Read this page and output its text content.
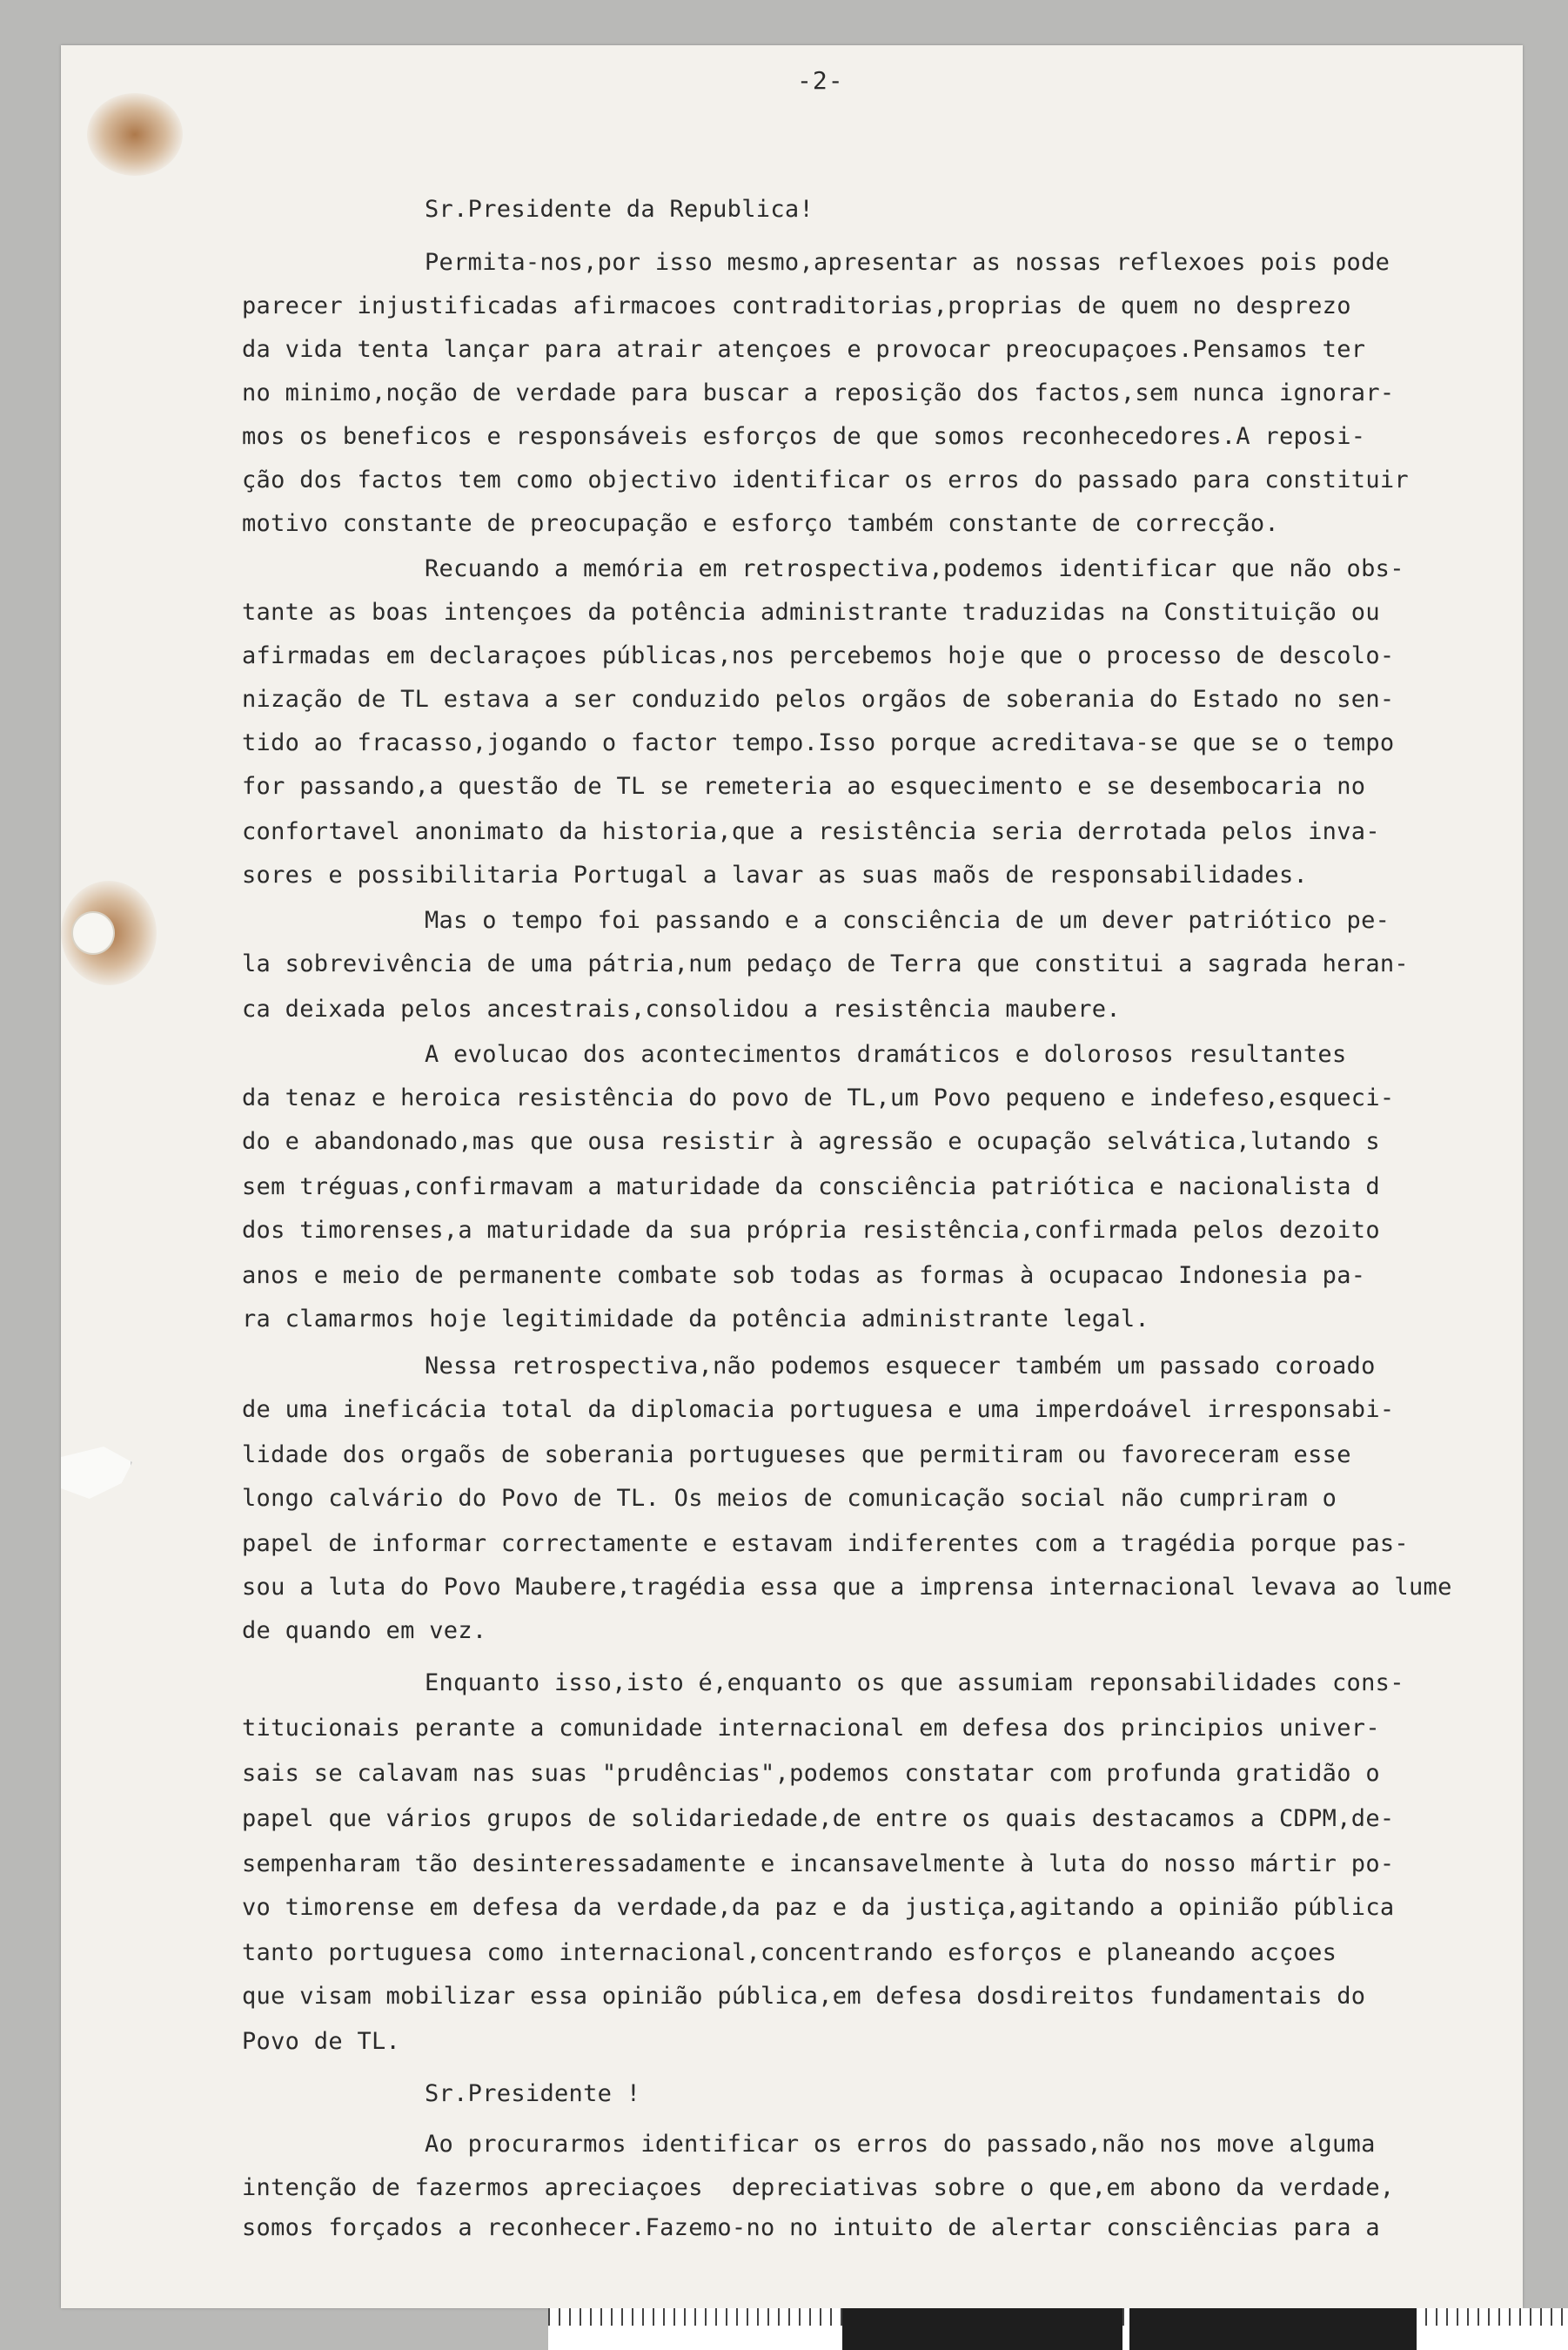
-2-
Sr.Presidente da Republica!
Permita-nos,por isso mesmo,apresentar as nossas reflexoes pois pode
parecer injustificadas afirmacoes contraditorias,proprias de quem no desprezo
da vida tenta lançar para atrair atençoes e provocar preocupaçoes.Pensamos ter
no minimo,noção de verdade para buscar a reposição dos factos,sem nunca ignorar-
mos os beneficos e responsáveis esforços de que somos reconhecedores.A reposi-
ção dos factos tem como objectivo identificar os erros do passado para constituir
motivo constante de preocupação e esforço também constante de correcção.
Recuando a memória em retrospectiva,podemos identificar que não obs-
tante as boas intençoes da potência administrante traduzidas na Constituição ou
afirmadas em declaraçoes públicas,nos percebemos hoje que o processo de descolo-
nização de TL estava a ser conduzido pelos orgãos de soberania do Estado no sen-
tido ao fracasso,jogando o factor tempo.Isso porque acreditava-se que se o tempo
for passando,a questão de TL se remeteria ao esquecimento e se desembocaria no
confortavel anonimato da historia,que a resistência seria derrotada pelos inva-
sores e possibilitaria Portugal a lavar as suas maõs de responsabilidades.
Mas o tempo foi passando e a consciência de um dever patriótico pe-
la sobrevivência de uma pátria,num pedaço de Terra que constitui a sagrada heran-
ca deixada pelos ancestrais,consolidou a resistência maubere.
A evolucao dos acontecimentos dramáticos e dolorosos resultantes
da tenaz e heroica resistência do povo de TL,um Povo pequeno e indefeso,esqueci-
do e abandonado,mas que ousa resistir à agressão e ocupação selvática,lutando s
sem tréguas,confirmavam a maturidade da consciência patriótica e nacionalista d
dos timorenses,a maturidade da sua própria resistência,confirmada pelos dezoito
anos e meio de permanente combate sob todas as formas à ocupacao Indonesia pa-
ra clamarmos hoje legitimidade da potência administrante legal.
Nessa retrospectiva,não podemos esquecer também um passado coroado
de uma ineficácia total da diplomacia portuguesa e uma imperdoável irresponsabi-
lidade dos orgaõs de soberania portugueses que permitiram ou favoreceram esse
longo calvário do Povo de TL. Os meios de comunicação social não cumpriram o
papel de informar correctamente e estavam indiferentes com a tragédia porque pas-
sou a luta do Povo Maubere,tragédia essa que a imprensa internacional levava ao lume
de quando em vez.
Enquanto isso,isto é,enquanto os que assumiam reponsabilidades cons-
titucionais perante a comunidade internacional em defesa dos principios univer-
sais se calavam nas suas "prudências",podemos constatar com profunda gratidão o
papel que vários grupos de solidariedade,de entre os quais destacamos a CDPM,de-
sempenharam tão desinteressadamente e incansavelmente à luta do nosso mártir po-
vo timorense em defesa da verdade,da paz e da justiça,agitando a opinião pública
tanto portuguesa como internacional,concentrando esforços e planeando acçoes
que visam mobilizar essa opinião pública,em defesa dosdireitos fundamentais do
Povo de TL.
Sr.Presidente !
Ao procurarmos identificar os erros do passado,não nos move alguma
intenção de fazermos apreciaçoes  depreciativas sobre o que,em abono da verdade,
somos forçados a reconhecer.Fazemo-no no intuito de alertar consciências para a
